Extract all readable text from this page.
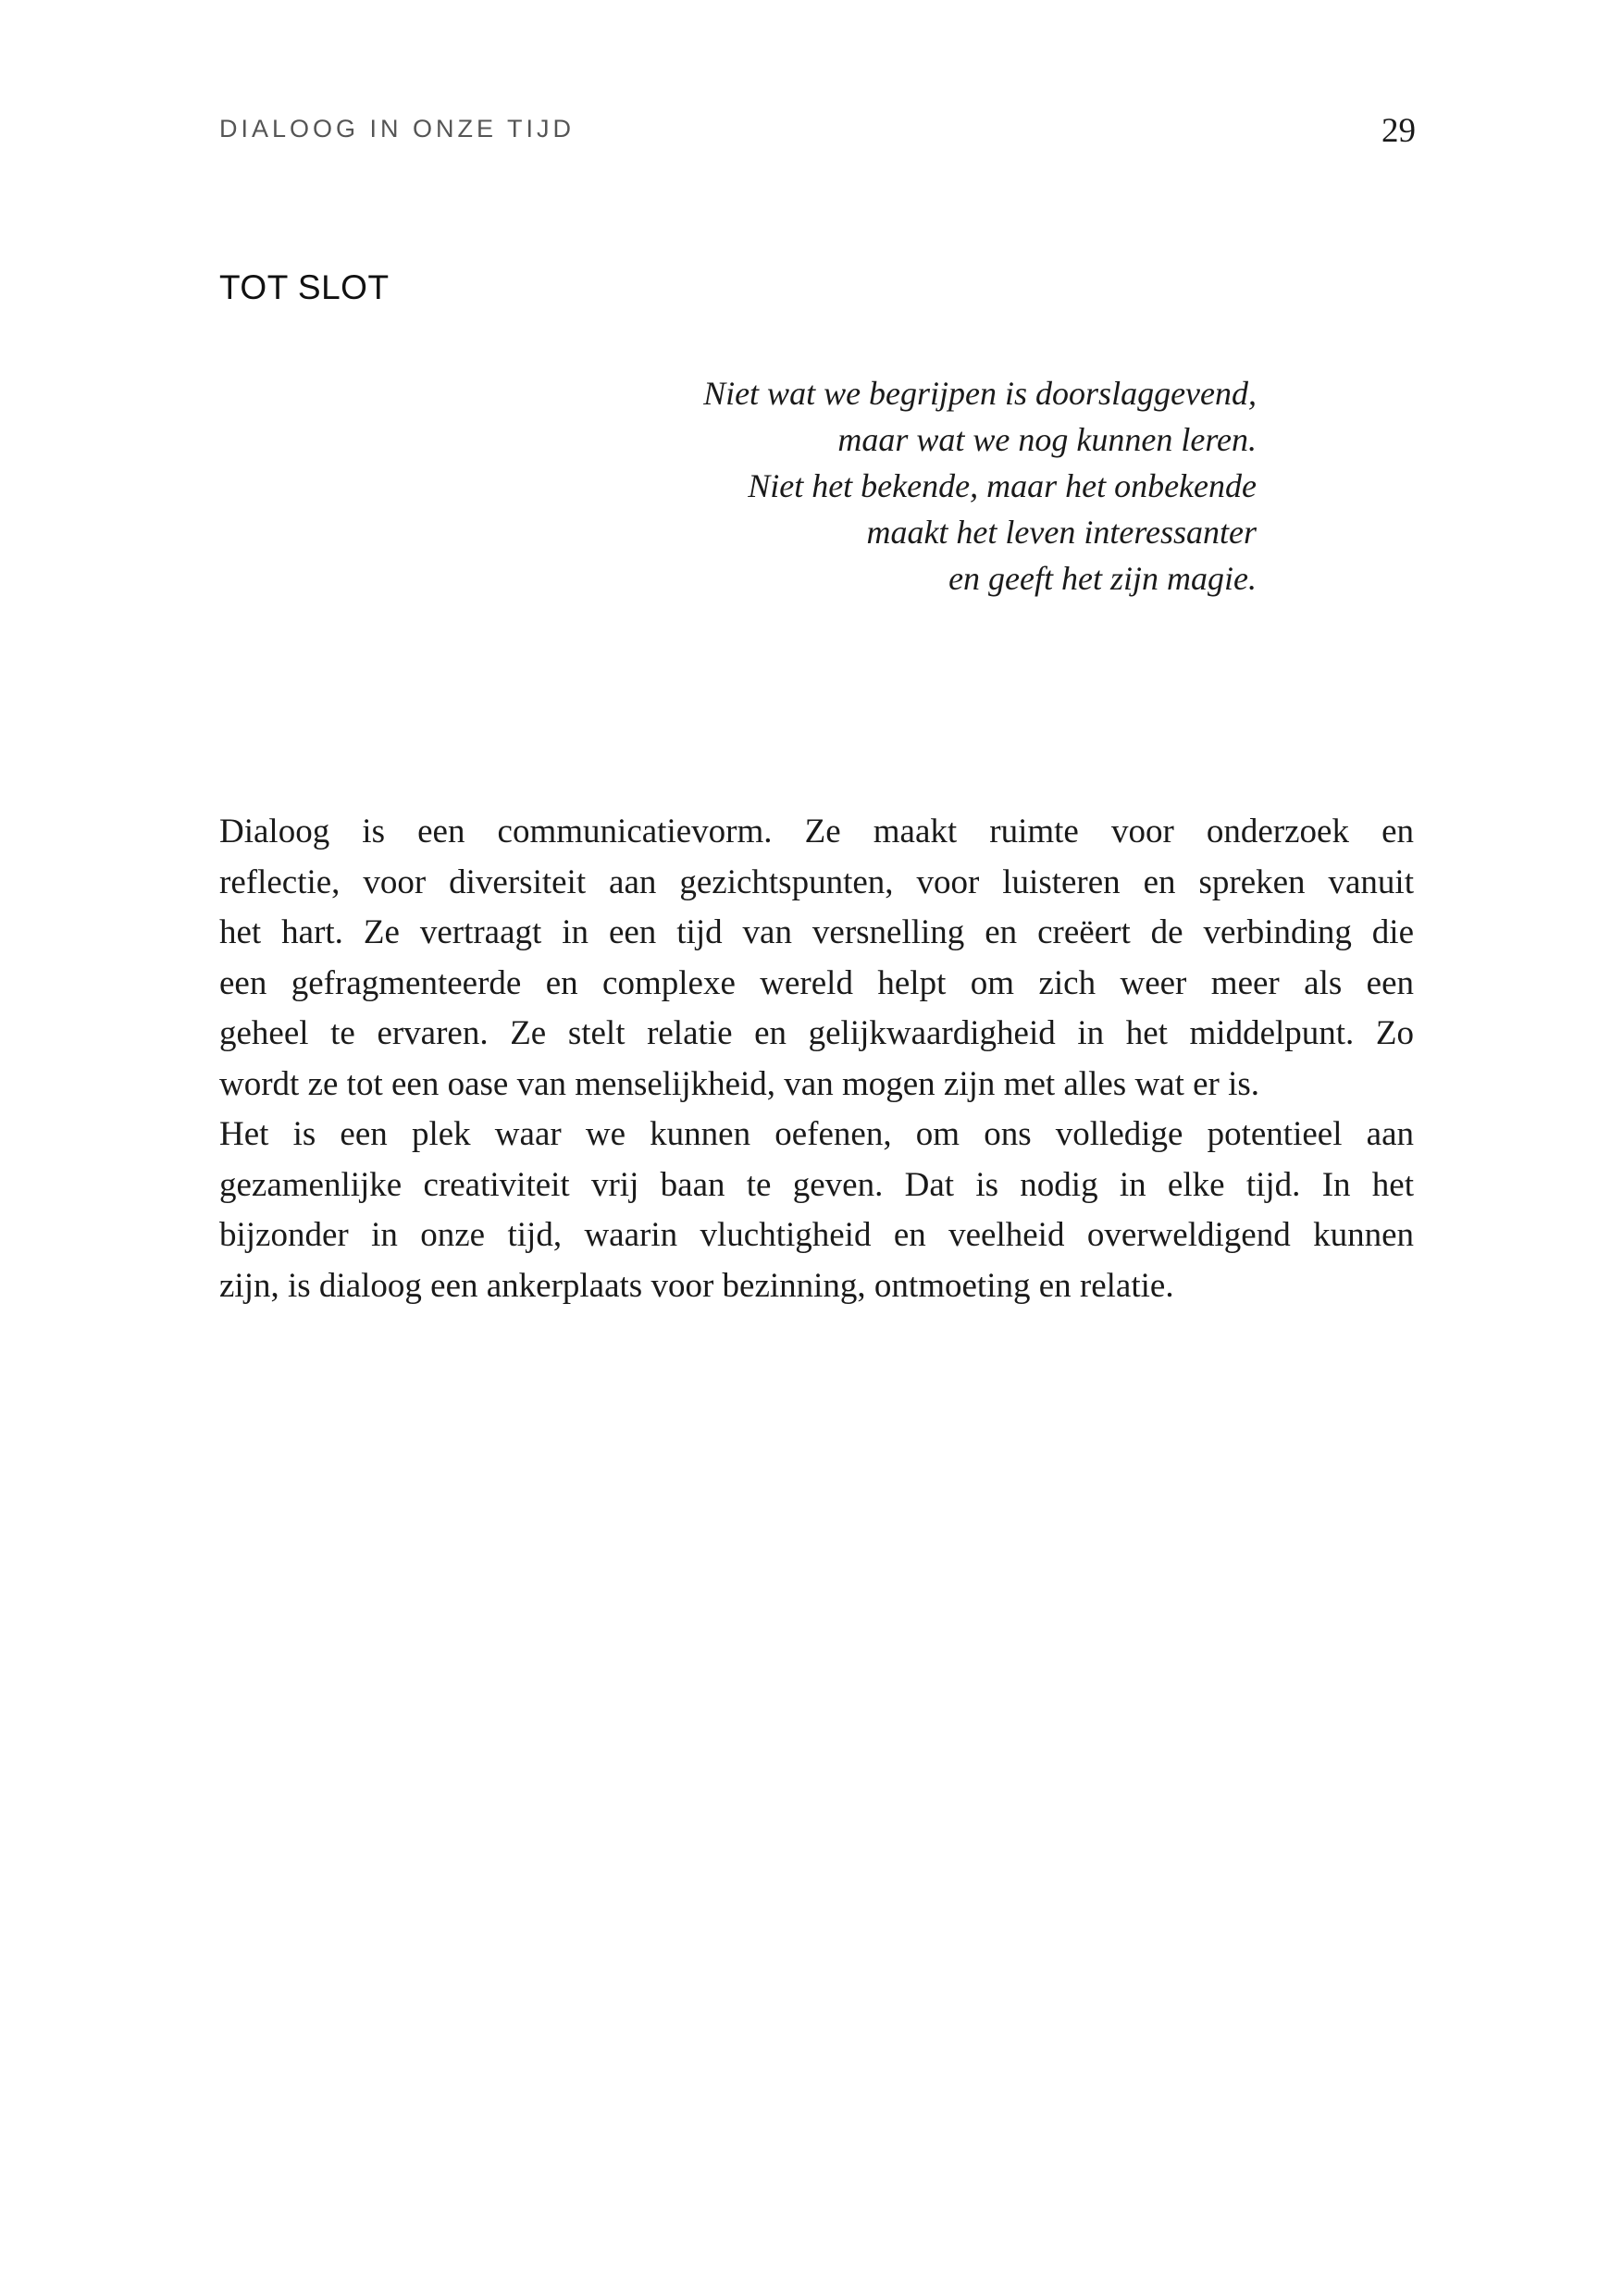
DIALOOG IN ONZE TIJD	29
TOT SLOT
Niet wat we begrijpen is doorslaggevend,
maar wat we nog kunnen leren.
Niet het bekende, maar het onbekende
maakt het leven interessanter
en geeft het zijn magie.
Dialoog is een communicatievorm. Ze maakt ruimte voor onderzoek en
reflectie, voor diversiteit aan gezichtspunten, voor luisteren en spreken vanuit
het hart. Ze vertraagt in een tijd van versnelling en creëert de verbinding die
een gefragmenteerde en complexe wereld helpt om zich weer meer als een
geheel te ervaren. Ze stelt relatie en gelijkwaardigheid in het middelpunt. Zo
wordt ze tot een oase van menselijkheid, van mogen zijn met alles wat er is.
Het is een plek waar we kunnen oefenen, om ons volledige potentieel aan
gezamenlijke creativiteit vrij baan te geven. Dat is nodig in elke tijd. In het
bijzonder in onze tijd, waarin vluchtigheid en veelheid overweldigend kunnen
zijn, is dialoog een ankerplaats voor bezinning, ontmoeting en relatie.
